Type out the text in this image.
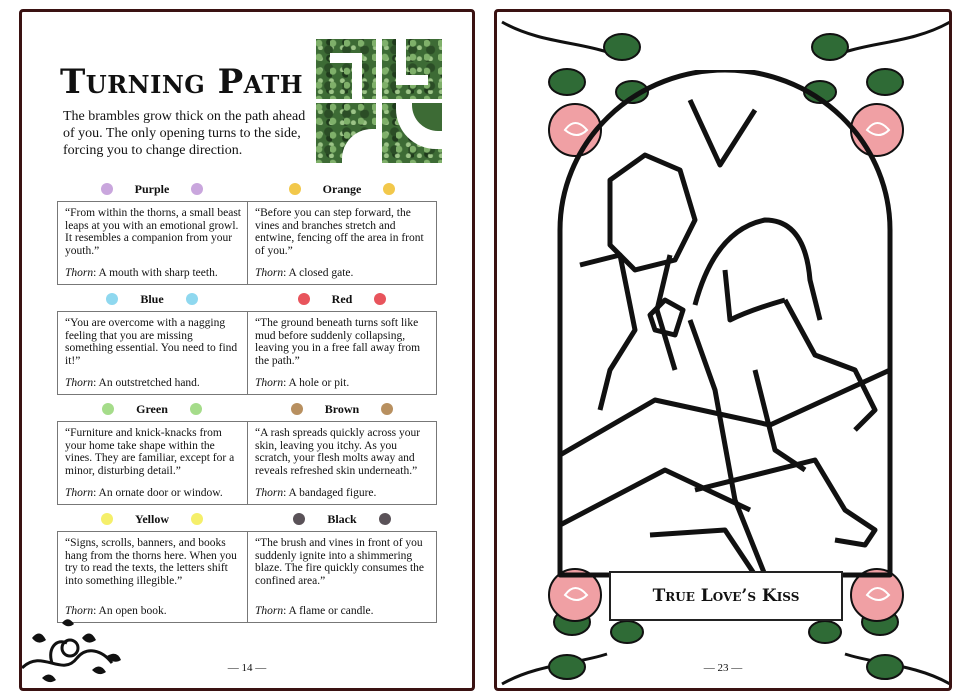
Turning Path

The brambles grow thick on the path ahead of you. The only opening turns to the side, forcing you to change direction.

Purple	Orange

“From within the thorns, a small beast leaps at you with an emotional growl. It resembles a companion from your youth.”

Thorn: A mouth with sharp teeth.

“Before you can step forward, the vines and branches stretch and entwine, fencing off the area in front of you.”

Thorn: A closed gate.

Blue	Red

“You are overcome with a nagging feeling that you are missing something essential. You need to find it!”

Thorn: An outstretched hand.

“The ground beneath turns soft like mud before suddenly collapsing, leaving you in a free fall away from the path.”

Thorn: A hole or pit.

Green	Brown

“Furniture and knick-knacks from your home take shape within the vines. They are familiar, except for a minor, disturbing detail.”

Thorn: An ornate door or window.

“A rash spreads quickly across your skin, leaving you itchy. As you scratch, your flesh molts away and reveals refreshed skin underneath.”

Thorn: A bandaged figure.

Yellow	Black

“Signs, scrolls, banners, and books hang from the thorns here. When you try to read the texts, the letters shift into something illegible.”

Thorn: An open book.

“The brush and vines in front of you suddenly ignite into a shimmering blaze. The fire quickly consumes the confined area.”

Thorn: A flame or candle.

— 14 —
True Love’s Kiss
— 23 —
